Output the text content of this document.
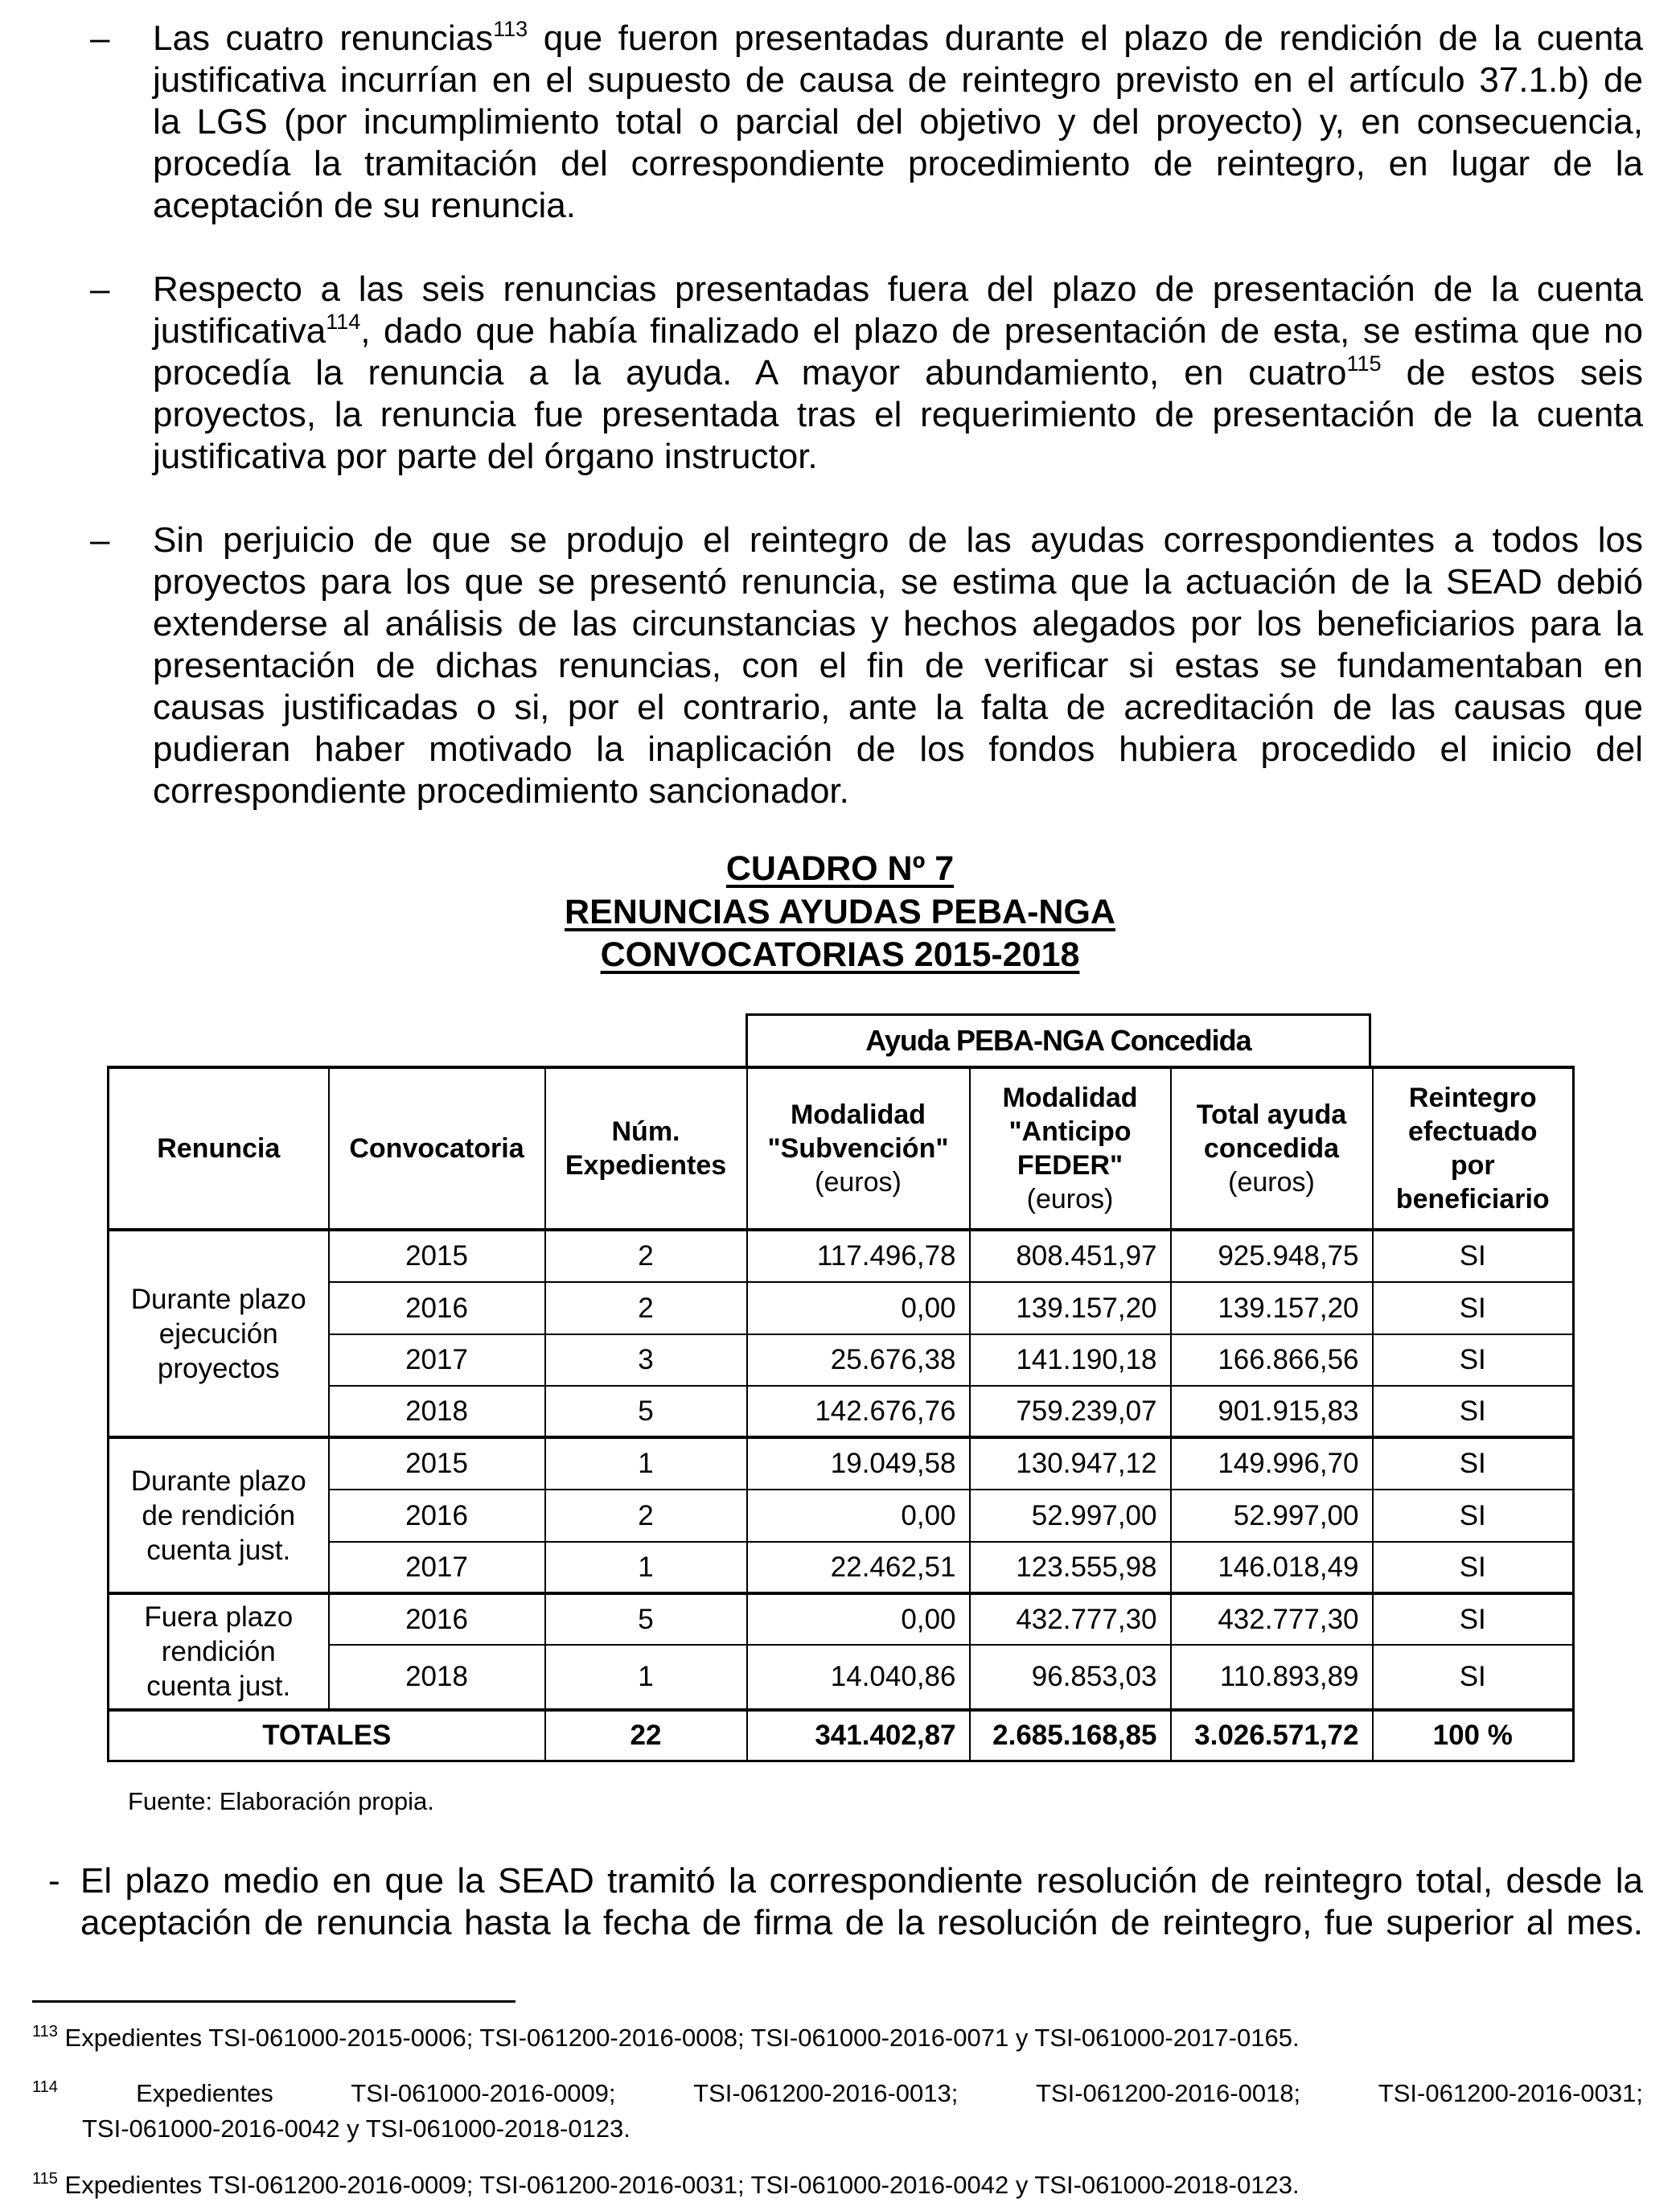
– Las cuatro renuncias$^{113}$ que fueron presentadas durante el plazo de rendición de la cuenta
justificativa incurrían en el supuesto de causa de reintegro previsto en el artículo 37.1.b) de
la LGS (por incumplimiento total o parcial del objetivo y del proyecto) y, en consecuencia,
procedía la tramitación del correspondiente procedimiento de reintegro, en lugar de la
aceptación de su renuncia.
– Respecto a las seis renuncias presentadas fuera del plazo de presentación de la cuenta
justificativa$^{114}$, dado que había finalizado el plazo de presentación de esta, se estima que no
procedía la renuncia a la ayuda. A mayor abundamiento, en cuatro$^{115}$ de estos seis
proyectos, la renuncia fue presentada tras el requerimiento de presentación de la cuenta
justificativa por parte del órgano instructor.
– Sin perjuicio de que se produjo el reintegro de las ayudas correspondientes a todos los
proyectos para los que se presentó renuncia, se estima que la actuación de la SEAD debió
extenderse al análisis de las circunstancias y hechos alegados por los beneficiarios para la
presentación de dichas renuncias, con el fin de verificar si estas se fundamentaban en
causas justificadas o si, por el contrario, ante la falta de acreditación de las causas que
pudieran haber motivado la inaplicación de los fondos hubiera procedido el inicio del
correspondiente procedimiento sancionador.
CUADRO Nº 7
RENUNCIAS AYUDAS PEBA-NGA
CONVOCATORIAS 2015-2018
Ayuda PEBA-NGA Concedida
Renuncia	Convocatoria	Núm.
Expedientes	Modalidad
"Subvención"
(euros)	Modalidad
"Anticipo
FEDER"
(euros)	Total ayuda
concedida
(euros)	Reintegro
efectuado
por
beneficiario
Durante plazo
ejecución
proyectos	2015	2	117.496,78	808.451,97	925.948,75	SI
	2016	2	0,00	139.157,20	139.157,20	SI
	2017	3	25.676,38	141.190,18	166.866,56	SI
	2018	5	142.676,76	759.239,07	901.915,83	SI
Durante plazo
de rendición
cuenta just.	2015	1	19.049,58	130.947,12	149.996,70	SI
	2016	2	0,00	52.997,00	52.997,00	SI
	2017	1	22.462,51	123.555,98	146.018,49	SI
Fuera plazo
rendición
cuenta just.	2016	5	0,00	432.777,30	432.777,30	SI
	2018	1	14.040,86	96.853,03	110.893,89	SI
TOTALES		22	341.402,87	2.685.168,85	3.026.571,72	100 %
Fuente: Elaboración propia.
- El plazo medio en que la SEAD tramitó la correspondiente resolución de reintegro total, desde la
aceptación de renuncia hasta la fecha de firma de la resolución de reintegro, fue superior al mes.
$^{113}$ Expedientes TSI-061000-2015-0006; TSI-061200-2016-0008; TSI-061000-2016-0071 y TSI-061000-2017-0165.
$^{114}$	Expedientes TSI-061000-2016-0009; TSI-061200-2016-0013; TSI-061200-2016-0018; TSI-061200-2016-0031;
TSI-061000-2016-0042 y TSI-061000-2018-0123.
$^{115}$ Expedientes TSI-061200-2016-0009; TSI-061200-2016-0031; TSI-061000-2016-0042 y TSI-061000-2018-0123.
